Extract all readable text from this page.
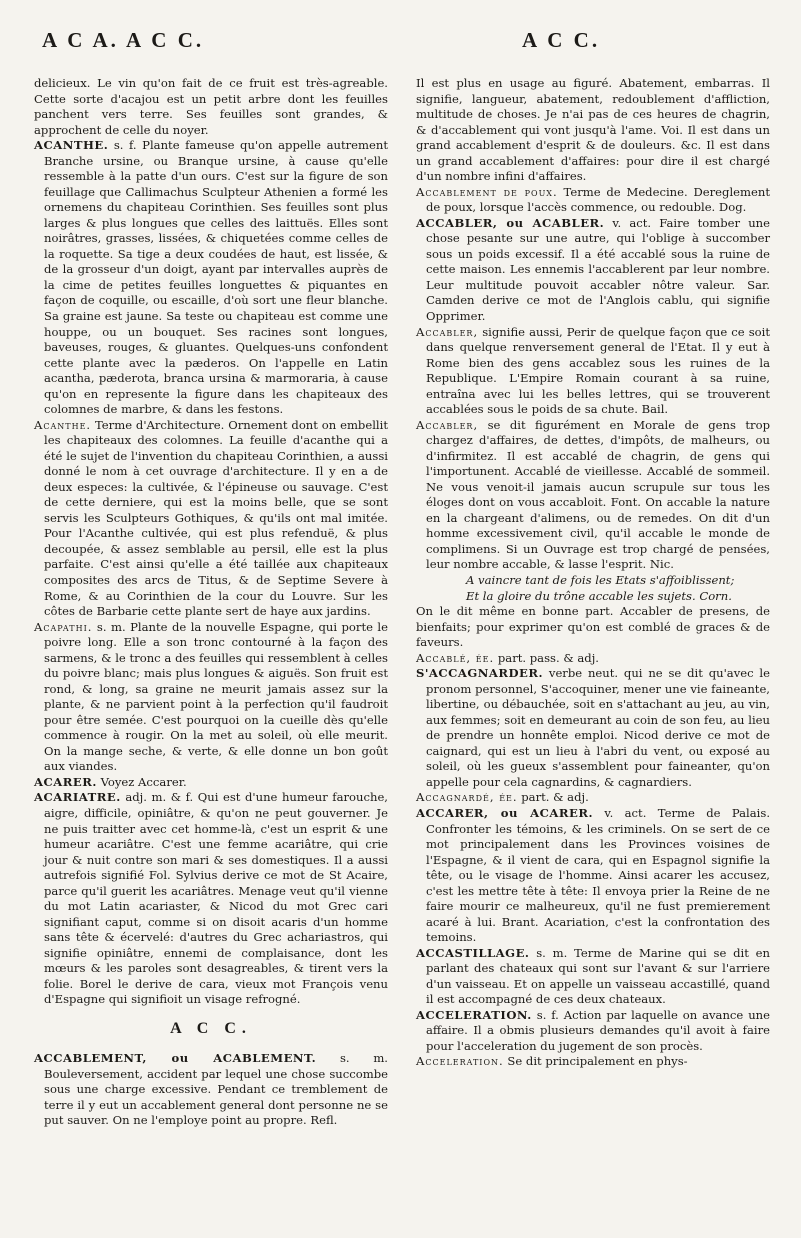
A C A. A C C.	A C C.

delicieux. Le vin qu'on fait de ce fruit est très-agreable. Cette sorte d'acajou est un petit arbre dont les feuilles panchent vers terre. Ses feuilles sont grandes, & approchent de celle du noyer.

ACANTHE. s. f. Plante fameuse qu'on appelle autrement Branche ursine, ou Branque ursine, à cause qu'elle ressemble à la patte d'un ours. C'est sur la figure de son feuillage que Callimachus Sculpteur Athenien a formé les ornemens du chapiteau Corinthien. Ses feuilles sont plus larges & plus longues que celles des laittuës. Elles sont noirâtres, grasses, lissées, & chiquetées comme celles de la roquette. Sa tige a deux coudées de haut, est lissée, & de la grosseur d'un doigt, ayant par intervalles auprès de la cime de petites feuilles longuettes & piquantes en façon de coquille, ou escaille, d'où sort une fleur blanche. Sa graine est jaune. Sa teste ou chapiteau est comme une houppe, ou un bouquet. Ses racines sont longues, baveuses, rouges, & gluantes. Quelques-uns confondent cette plante avec la pæderos. On l'appelle en Latin acantha, pæderota, branca ursina & marmoraria, à cause qu'on en represente la figure dans les chapiteaux des colomnes de marbre, & dans les festons.

Acanthe. Terme d'Architecture. Ornement dont on embellit les chapiteaux des colomnes. La feuille d'acanthe qui a été le sujet de l'invention du chapiteau Corinthien, a aussi donné le nom à cet ouvrage d'architecture. Il y en a de deux especes: la cultivée, & l'épineuse ou sauvage. C'est de cette derniere, qui est la moins belle, que se sont servis les Sculpteurs Gothiques, & qu'ils ont mal imitée. Pour l'Acanthe cultivée, qui est plus refenduë, & plus decoupée, & assez semblable au persil, elle est la plus parfaite. C'est ainsi qu'elle a été taillée aux chapiteaux composites des arcs de Titus, & de Septime Severe à Rome, & au Corinthien de la cour du Louvre. Sur les côtes de Barbarie cette plante sert de haye aux jardins.

Acapathi. s. m. Plante de la nouvelle Espagne, qui porte le poivre long. Elle a son tronc contourné à la façon des sarmens, & le tronc a des feuilles qui ressemblent à celles du poivre blanc; mais plus longues & aiguës. Son fruit est rond, & long, sa graine ne meurit jamais assez sur la plante, & ne parvient point à la perfection qu'il faudroit pour être semée. C'est pourquoi on la cueille dès qu'elle commence à rougir. On la met au soleil, où elle meurit. On la mange seche, & verte, & elle donne un bon goût aux viandes.

ACARER. Voyez Accarer.

ACARIATRE. adj. m. & f. Qui est d'une humeur farouche, aigre, difficile, opiniâtre, & qu'on ne peut gouverner. Je ne puis traitter avec cet homme-là, c'est un esprit & une humeur acariâtre. C'est une femme acariâtre, qui crie jour & nuit contre son mari & ses domestiques. Il a aussi autrefois signifié Fol. Sylvius derive ce mot de St Acaire, parce qu'il guerit les acariâtres. Menage veut qu'il vienne du mot Latin acariaster, & Nicod du mot Grec cari signifiant caput, comme si on disoit acaris d'un homme sans tête & écervelé: d'autres du Grec achariastros, qui signifie opiniâtre, ennemi de complaisance, dont les mœurs & les paroles sont desagreables, & tirent vers la folie. Borel le derive de cara, vieux mot François venu d'Espagne qui signifioit un visage refrogné.

A C C.

ACCABLEMENT, ou ACABLEMENT. s. m. Bouleversement, accident par lequel une chose succombe sous une charge excessive. Pendant ce tremblement de terre il y eut un accablement general dont personne ne se put sauver. On ne l'employe point au propre. Refl.

Il est plus en usage au figuré. Abatement, embarras. Il signifie, langueur, abatement, redoublement d'affliction, multitude de choses. Je n'ai pas de ces heures de chagrin, & d'accablement qui vont jusqu'à l'ame. Voi. Il est dans un grand accablement d'esprit & de douleurs. &c. Il est dans un grand accablement d'affaires: pour dire il est chargé d'un nombre infini d'affaires.

Accablement de poux. Terme de Medecine. Dereglement de poux, lorsque l'accès commence, ou redouble. Dog.

ACCABLER, ou ACABLER. v. act. Faire tomber une chose pesante sur une autre, qui l'oblige à succomber sous un poids excessif. Il a été accablé sous la ruine de cette maison. Les ennemis l'accablerent par leur nombre. Leur multitude pouvoit accabler nôtre valeur. Sar. Camden derive ce mot de l'Anglois cablu, qui signifie Opprimer.

Accabler, signifie aussi, Perir de quelque façon que ce soit dans quelque renversement general de l'Etat. Il y eut à Rome bien des gens accablez sous les ruines de la Republique. L'Empire Romain courant à sa ruine, entraîna avec lui les belles lettres, qui se trouverent accablées sous le poids de sa chute. Bail.

Accabler, se dit figurément en Morale de gens trop chargez d'affaires, de dettes, d'impôts, de malheurs, ou d'infirmitez. Il est accablé de chagrin, de gens qui l'importunent. Accablé de vieillesse. Accablé de sommeil. Ne vous venoit-il jamais aucun scrupule sur tous les éloges dont on vous accabloit. Font. On accable la nature en la chargeant d'alimens, ou de remedes. On dit d'un homme excessivement civil, qu'il accable le monde de complimens. Si un Ouvrage est trop chargé de pensées, leur nombre accable, & lasse l'esprit. Nic.

A vaincre tant de fois les Etats s'affoiblissent;

Et la gloire du trône accable les sujets. Corn.

On le dit même en bonne part. Accabler de presens, de bienfaits; pour exprimer qu'on est comblé de graces & de faveurs.

Accablé, ée. part. pass. & adj.

S'ACCAGNARDER. verbe neut. qui ne se dit qu'avec le pronom personnel, S'accoquiner, mener une vie faineante, libertine, ou débauchée, soit en s'attachant au jeu, au vin, aux femmes; soit en demeurant au coin de son feu, au lieu de prendre un honnête emploi. Nicod derive ce mot de caignard, qui est un lieu à l'abri du vent, ou exposé au soleil, où les gueux s'assemblent pour faineanter, qu'on appelle pour cela cagnardins, & cagnardiers.

Accagnardé, ée. part. & adj.

ACCARER, ou ACARER. v. act. Terme de Palais. Confronter les témoins, & les criminels. On se sert de ce mot principalement dans les Provinces voisines de l'Espagne, & il vient de cara, qui en Espagnol signifie la tête, ou le visage de l'homme. Ainsi acarer les accusez, c'est les mettre tête à tête: Il envoya prier la Reine de ne faire mourir ce malheureux, qu'il ne fust premierement acaré à lui. Brant. Acariation, c'est la confrontation des temoins.

ACCASTILLAGE. s. m. Terme de Marine qui se dit en parlant des chateaux qui sont sur l'avant & sur l'arriere d'un vaisseau. Et on appelle un vaisseau accastillé, quand il est accompagné de ces deux chateaux.

ACCELERATION. s. f. Action par laquelle on avance une affaire. Il a obmis plusieurs demandes qu'il avoit à faire pour l'acceleration du jugement de son procès.

Acceleration. Se dit principalement en phys-
